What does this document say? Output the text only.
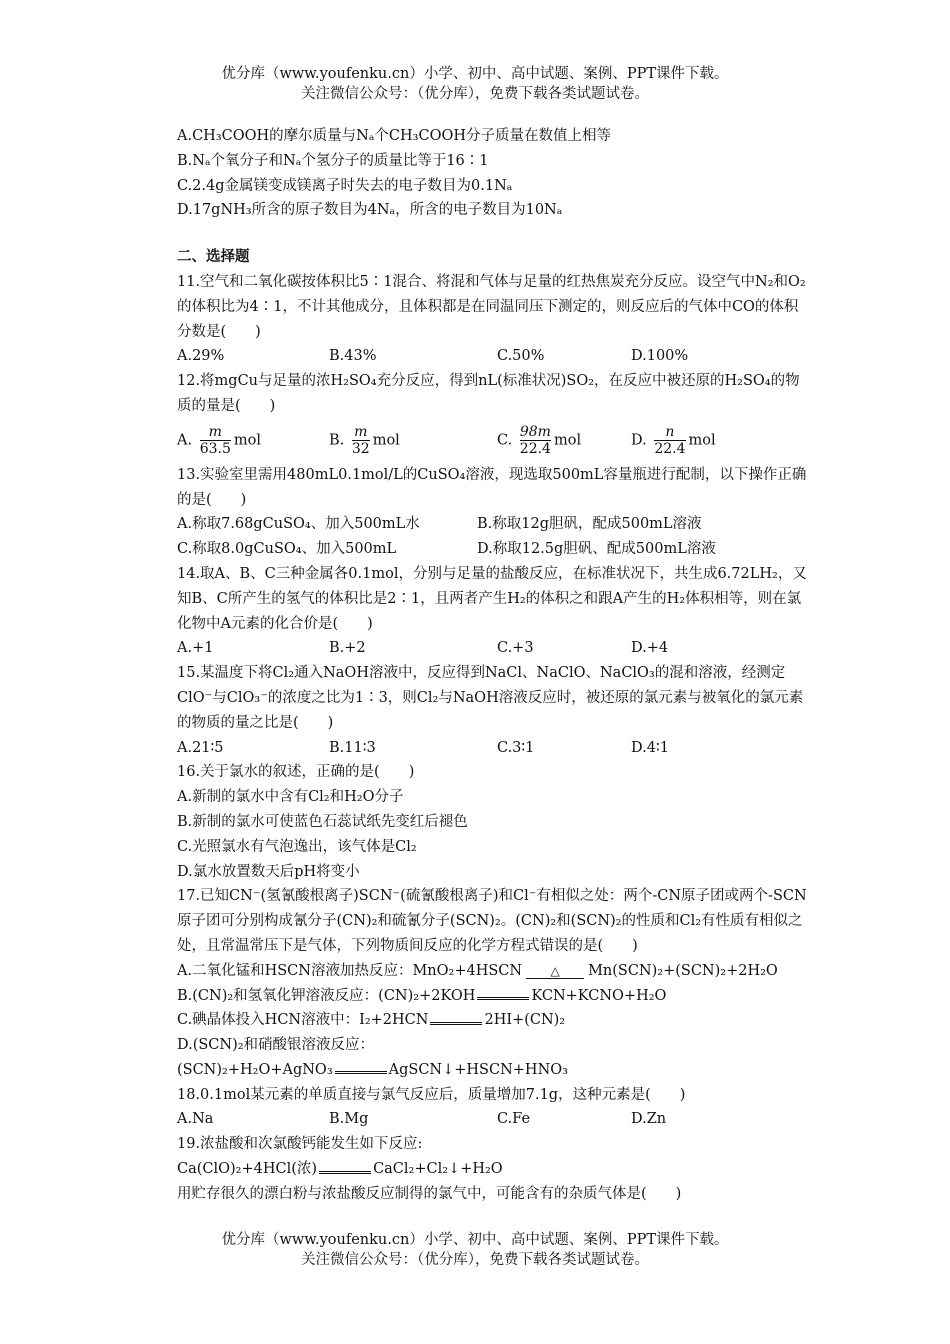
优分库（www.youfenku.cn）小学、初中、高中试题、案例、PPT课件下载。
关注微信公众号：（优分库），免费下载各类试题试卷。
A.CH₃COOH的摩尔质量与Nₐ个CH₃COOH分子质量在数值上相等
B.Nₐ个氧分子和Nₐ个氢分子的质量比等于16∶1
C.2.4g金属镁变成镁离子时失去的电子数目为0.1Nₐ
D.17gNH₃所含的原子数目为4Nₐ，所含的电子数目为10Nₐ
二、选择题
11.空气和二氧化碳按体积比5∶1混合、将混和气体与足量的红热焦炭充分反应。设空气中N₂和O₂的体积比为4∶1，不计其他成分，且体积都是在同温同压下测定的，则反应后的气体中CO的体积分数是(　　)
A.29%	B.43%	C.50%	D.100%
12.将mgCu与足量的浓H₂SO₄充分反应，得到nL(标准状况)SO₂，在反应中被还原的H₂SO₄的物质的量是(　　)
A. $\frac{m}{63.5}$ mol	B. $\frac{m}{32}$ mol	C. $\frac{98m}{22.4}$ mol	D. $\frac{n}{22.4}$ mol
13.实验室里需用480mL0.1mol/L的CuSO₄溶液，现选取500mL容量瓶进行配制，以下操作正确的是(　　)
A.称取7.68gCuSO₄、加入500mL水	B.称取12g胆矾，配成500mL溶液
C.称取8.0gCuSO₄、加入500mL	D.称取12.5g胆矾、配成500mL溶液
14.取A、B、C三种金属各0.1mol，分别与足量的盐酸反应，在标准状况下，共生成6.72LH₂，又知B、C所产生的氢气的体积比是2∶1，且两者产生H₂的体积之和跟A产生的H₂体积相等，则在氯化物中A元素的化合价是(　　)
A.+1	B.+2	C.+3	D.+4
15.某温度下将Cl₂通入NaOH溶液中，反应得到NaCl、NaClO、NaClO₃的混和溶液，经测定ClO⁻与ClO₃⁻的浓度之比为1∶3，则Cl₂与NaOH溶液反应时，被还原的氯元素与被氧化的氯元素的物质的量之比是(　　)
A.21∶5	B.11∶3	C.3∶1	D.4∶1
16.关于氯水的叙述，正确的是(　　)
A.新制的氯水中含有Cl₂和H₂O分子
B.新制的氯水可使蓝色石蕊试纸先变红后褪色
C.光照氯水有气泡逸出，该气体是Cl₂
D.氯水放置数天后pH将变小
17.已知CN⁻(氢氰酸根离子)SCN⁻(硫氰酸根离子)和Cl⁻有相似之处：两个-CN原子团或两个-SCN原子团可分别构成氰分子(CN)₂和硫氰分子(SCN)₂。(CN)₂和(SCN)₂的性质和Cl₂有性质有相似之处，且常温常压下是气体，下列物质间反应的化学方程式错误的是(　　)
A.二氧化锰和HSCN溶液加热反应：MnO₂+4HSCN △ Mn(SCN)₂+(SCN)₂+2H₂O
B.(CN)₂和氢氧化钾溶液反应：(CN)₂+2KOH	KCN+KCNO+H₂O
C.碘晶体投入HCN溶液中：I₂+2HCN	2HI+(CN)₂
D.(SCN)₂和硝酸银溶液反应：
(SCN)₂+H₂O+AgNO₃	AgSCN↓+HSCN+HNO₃
18.0.1mol某元素的单质直接与氯气反应后，质量增加7.1g，这种元素是(　　)
A.Na	B.Mg	C.Fe	D.Zn
19.浓盐酸和次氯酸钙能发生如下反应:
Ca(ClO)₂+4HCl(浓)	CaCl₂+Cl₂↓+H₂O
用贮存很久的漂白粉与浓盐酸反应制得的氯气中，可能含有的杂质气体是(　　)
优分库（www.youfenku.cn）小学、初中、高中试题、案例、PPT课件下载。
关注微信公众号：（优分库），免费下载各类试题试卷。
